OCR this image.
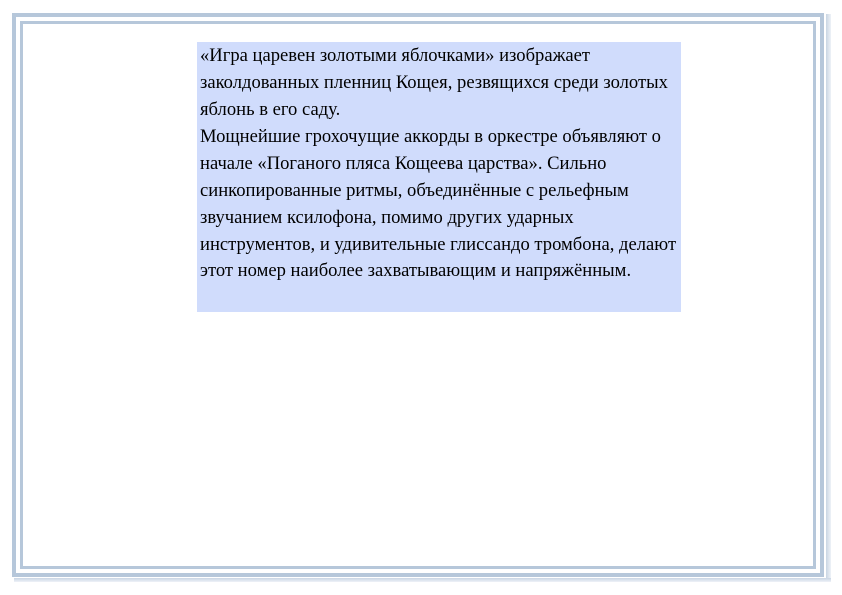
«Игра царевен золотыми яблочками» изображает заколдованных пленниц Кощея, резвящихся среди золотых яблонь в его саду.

Мощнейшие грохочущие аккорды в оркестре объявляют о начале «Поганого пляса Кощеева царства». Сильно синкопированные ритмы, объединённые с рельефным звучанием ксилофона, помимо других ударных инструментов, и удивительные глиссандо тромбона, делают этот номер наиболее захватывающим и напряжённым.
